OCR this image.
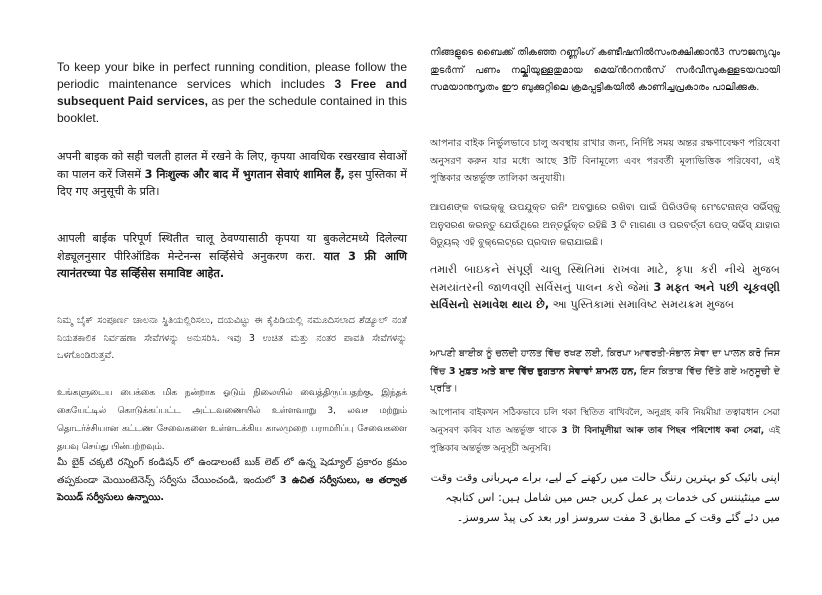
To keep your bike in perfect running condition, please follow the periodic maintenance services which includes 3 Free and subsequent Paid services, as per the schedule contained in this booklet.

अपनी बाइक को सही चलती हालत में रखने के लिए, कृपया आवधिक रखरखाव सेवाओं का पालन करें जिसमें 3 निःशुल्क और बाद में भुगतान सेवाएं शामिल हैं, इस पुस्तिका में दिए गए अनुसूची के प्रति।

आपली बाईक परिपूर्ण स्थितीत चालू ठेवण्यासाठी कृपया या बुकलेटमध्ये दिलेल्या शेड्यूलनुसार पीरिऑडिक मेन्टेनन्स सर्व्हिसेचे अनुकरण करा. यात 3 फ्री आणि त्यानंतरच्या पेड सर्व्हिसेस समाविष्ट आहेत.

ನಿಮ್ಮ ಬೈಕ್ ಸಂಪೂರ್ಣ ಚಾಲನಾ ಸ್ಥಿತಿಯಲ್ಲಿರಿಸಲು, ದಯವಿಟ್ಟು ಈ ಕೈಪಿಡಿಯಲ್ಲಿ ನಮೂದಿಸಲಾದ ಶೆಡ್ಯೂಲ್ ನಂತೆ ನಿಯತಕಾಲಿಕ ನಿರ್ವಹಣಾ ಸೇವೆಗಳನ್ನು ಅನುಸರಿಸಿ. ಇವು 3 ಉಚಿತ ಮತ್ತು ನಂತರ ಪಾವತಿ ಸೇವೆಗಳನ್ನು ಒಳಗೊಂಡಿರುತ್ತವೆ.

உங்களுடைய பைக்கை மிக நன்றாக ஓடும் நிலையில் வைத்திருப்பதற்கு, இந்தக் கையேட்டில் கொடுக்கப்பட்ட அட்டவணையில் உள்ளவாறு 3, லவச மற்றும் தொடர்ச்சியான கட்டண சேவைகளை உள்ளடக்கிய காலமுறை பராமரிப்பு சேவைகளை தயவு செய்து பின்பற்றவும்.

మీ బైక్ చక్కటి రన్నింగ్ కండిషన్ లో ఉండాలంటే బుక్ లెట్ లో ఉన్న షెడ్యూల్ ప్రకారం క్రమం తప్పకుండా మెయింటెనెన్స్ సర్వీసు చేయించండి, ఇందులో 3 ఉచిత సర్వీసులు, ఆ తర్వాత పెయిడ్ సర్వీసులు ఉన్నాయి.

നിങ്ങളുടെ ബൈക്ക് തികഞ്ഞ റണ്ണിംഗ് കണ്ടീഷനിൽസംരക്ഷിക്കാൻ3 സൗജന്യവും തുടർന്ന് പണം നല്കിയുള്ളതുമായ മെയ്ൻറനൻസ് സർവീസുകള്ളടയവായി സമയാനുസൃതം ഈ ബുക്കുറ്റിലെ ക്രമപ്പട്ടികയിൽ കാണിച്ചപ്രകാരം പാലിക്കുക.

আপনার বাইক নির্ভুলভাবে চালু অবস্থায় রাখার জন্য, নির্দিষ্ট সময় অন্তর রক্ষণাবেক্ষণ পরিষেবা অনুসরণ করুন যার মধ্যে আছে 3টি বিনামূল্যে এবং পরবর্তী মূল্যভিত্তিক পরিষেবা, এই পুস্তিকার অন্তর্ভুক্ত তালিকা অনুযায়ী।

ଆପଣଙ୍କ ବାଇକ୍କୁ ଉପଯୁକ୍ତ ରନିଂ ଅବସ୍ଥାରେ ରଖିବା ପାଇଁ ପିରିଓଡିକ୍ ମେଂଟେନାନ୍ସ ସର୍ଭିସ୍କୁ ଅନୁସରଣ କରନ୍ତୁ ଯେଉଁଥିରେ ଅନ୍ତର୍ଭୁକ୍ତ ରହିଛି 3 ଟି ମାଗଣା ଓ ପରବର୍ତ୍ତୀ ପେଡ୍ ସର୍ଭିସ୍ ଯାହାର ସିଡ୍ୟୁଲ୍ ଏହି ବୁକ୍ଲେଟ୍ରେ ପ୍ରଦାନ କରାଯାଇଛି।

તમારી બાઇકને સંપૂર્ણ ચાલુ સ્થિતિમાં રાખવા માટે, કૃપા કરી નીચે મુજબ સમયાંતરની જાળવણી સર્વિસનું પાલન કરો જેમાં 3 મફત અને પછી ચૂકવણી સર્વિસનો સમાવેશ થાય છે, આ પુસ્તિકામાં સમાવિષ્ટ સમયક્રમ મુજબ

ਆਪਣੀ ਬਾਈਕ ਨੂੰ ਚਲਦੀ ਹਾਲਤ ਵਿੱਚ ਰਖਣ ਲਈ, ਕਿਰਪਾ ਆਵਰਤੀ-ਸੰਭਾਲ ਸੇਵਾ ਦਾ ਪਾਲਨ ਕਰੋ ਜਿਸ ਵਿੱਚ 3 ਮੁਫ਼ਤ ਅਤੇ ਬਾਦ ਵਿੱਚ ਭੁਗਤਾਨ ਸੇਵਾਵਾਂ ਸ਼ਾਮਲ ਹਨ, ਇਸ ਕਿਤਾਬ ਵਿੱਚ ਦਿੱਤੇ ਗਏ ਅਨੁਸੂਚੀ ਦੇ ਪ੍ਰਤਿ।

আপোনাৰ বাইকখন সঠিকভাবে চলি থকা স্থিতিত ৰাখিবলৈ, অনুগ্ৰহ কৰি নিয়মীয়া তত্বাৱধান সেৱা অনুসৰণ কৰিব যাত অন্তৰ্ভুক্ত থাকে 3 টা বিনামূলীয়া আৰু তাৰ পিছৰ পৰিশোধ কৰা সেৱা, এই পুস্তিকাৰ অন্তৰ্ভুক্ত অনুসূচী অনুসৰি।

اپنی بائیک کو بہترین رننگ حالت میں رکھنے کے لیے، براے مہربانی وقت وقت سے مینٹیننس کی خدمات پر عمل کریں جس میں شامل ہیں: اس کتابچہ میں دئے گئے وقت کے مطابق 3 مفت سروسز اور بعد کی پیڈ سروسز۔
